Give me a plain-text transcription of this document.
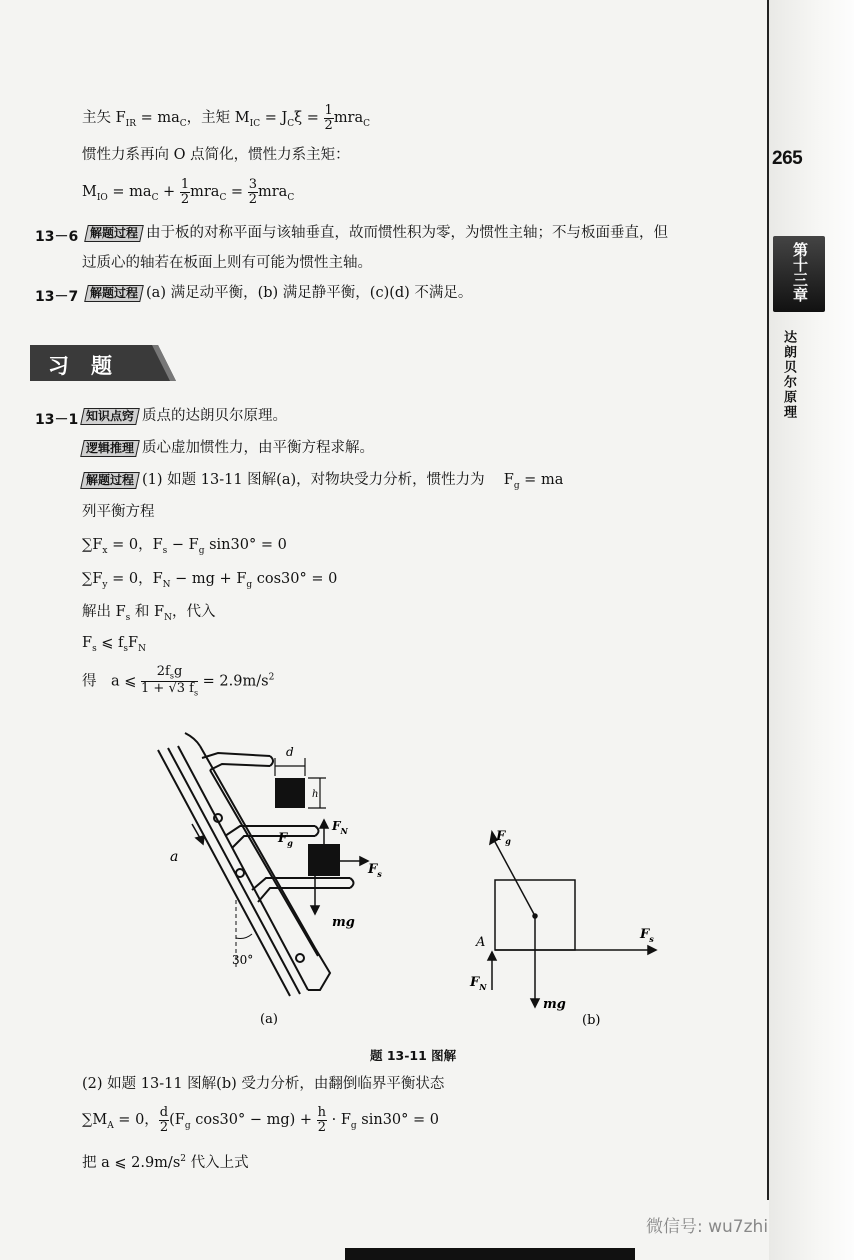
265
第十三章
达朗贝尔原理
主矢 $F_{IR} = ma_C$，主矩 $M_{IC} = J_C\xi = \frac{1}{2} mra_C$
惯性力系再向 O 点简化，惯性力系主矩：
$M_{IO} = ma_C + \frac{1}{2} mra_C = \frac{3}{2} mra_C$
13－6 解题过程 由于板的对称平面与该轴垂直，故而惯性积为零，为惯性主轴；不与板面垂直，但
过质心的轴若在板面上则有可能为惯性主轴。
13－7 解题过程 (a) 满足动平衡，(b) 满足静平衡，(c)(d) 不满足。
习题
13－1 知识点窍 质点的达朗贝尔原理。
逻辑推理 质心虚加惯性力，由平衡方程求解。
解题过程 (1) 如题 13-11 图解(a)，对物块受力分析，惯性力为　 $F_g$ = ma
列平衡方程
$\sum F_x = 0$，$F_s - F_g$ sin30° = 0
$\sum F_y = 0$，$F_N$ − mg + $F_g$ cos30° = 0
解出 $F_s$ 和 $F_N$，代入
$F_s$ ⩽ $f_sF_N$
得　a ⩽ $\frac{2f_sg}{1 + √3 f_s} = 2.9m/s^2$
d
h
a
$F_g$
$F_N$
$F_s$
mg
30°
(a)
$F_g$
$F_s$
A
$F_N$
mg
(b)
题 13-11 图解
(2) 如题 13-11 图解(b) 受力分析，由翻倒临界平衡状态
$\sum M_A = 0$， $\frac{d}{2} (F_g$ $\cos 30^\circ - mg) + \frac{h}{2} \cdot F_g$ sin30° = 0
把 a ⩽ $2.9m/s^2$ 代入上式
微信号: wu7zhi
